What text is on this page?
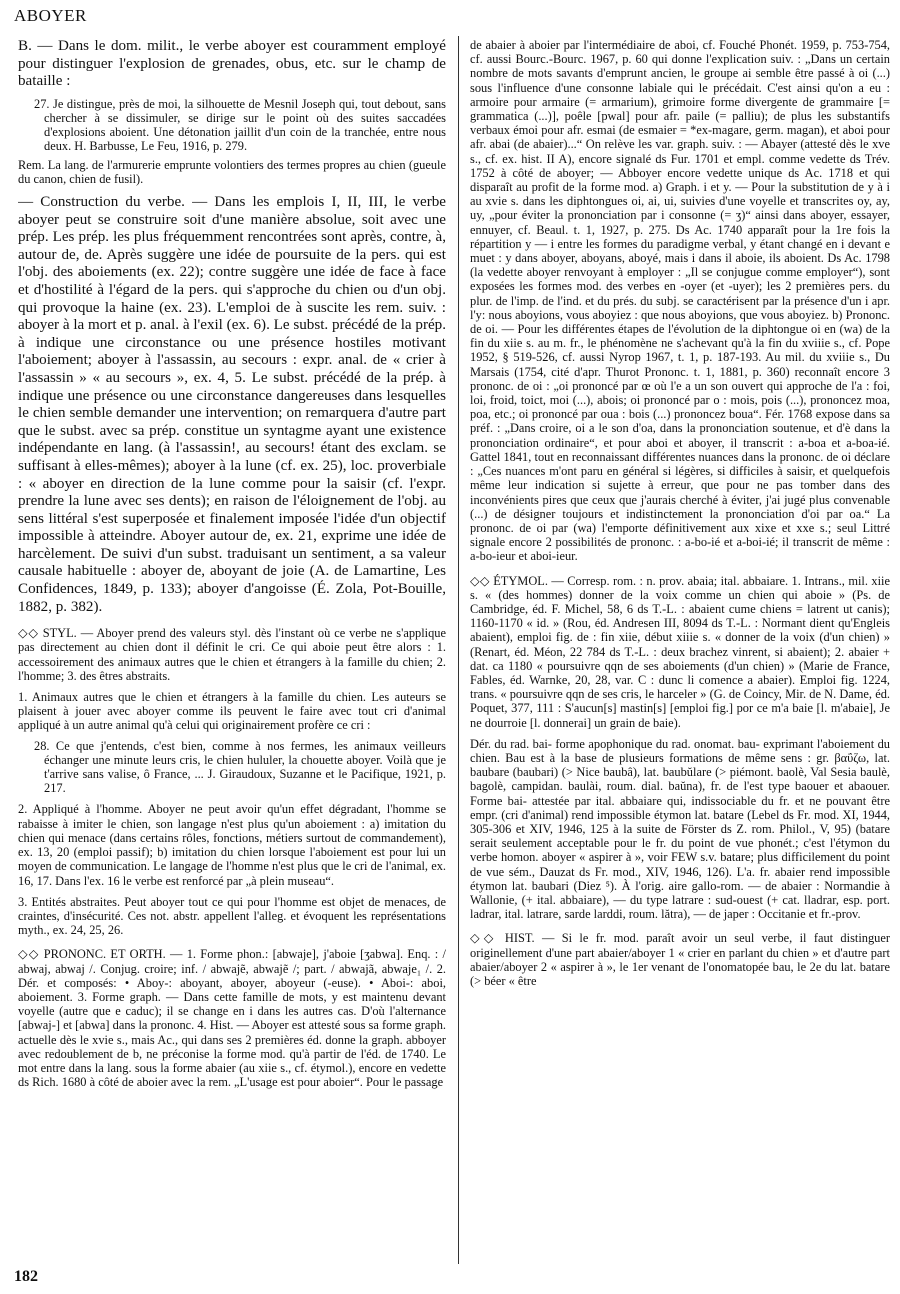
ABOYER

B. — Dans le dom. milit., le verbe aboyer est couramment employé pour distinguer l'explosion de grenades, obus, etc. sur le champ de bataille :

27. Je distingue, près de moi, la silhouette de Mesnil Joseph qui, tout debout, sans chercher à se dissimuler, se dirige sur le point où des suites saccadées d'explosions aboient. Une détonation jaillit d'un coin de la tranchée, entre nous deux. H. Barbusse, Le Feu, 1916, p. 279.

Rem. La lang. de l'armurerie emprunte volontiers des termes propres au chien (gueule du canon, chien de fusil).

— Construction du verbe. — Dans les emplois I, II, III, le verbe aboyer peut se construire soit d'une manière absolue, soit avec une prép. Les prép. les plus fréquemment rencontrées sont après, contre, à, autour de, de. Après suggère une idée de poursuite de la pers. qui est l'obj. des aboiements (ex. 22); contre suggère une idée de face à face et d'hostilité à l'égard de la pers. qui s'approche du chien ou d'un obj. qui provoque la haine (ex. 23). L'emploi de à suscite les rem. suiv. : aboyer à la mort et p. anal. à l'exil (ex. 6). Le subst. précédé de la prép. à indique une circonstance ou une présence hostiles motivant l'aboiement; aboyer à l'assassin, au secours : expr. anal. de « crier à l'assassin » « au secours », ex. 4, 5. Le subst. précédé de la prép. à indique une présence ou une circonstance dangereuses dans lesquelles le chien semble demander une intervention; on remarquera d'autre part que le subst. avec sa prép. constitue un syntagme ayant une existence indépendante en lang. (à l'assassin!, au secours! étant des exclam. se suffisant à elles-mêmes); aboyer à la lune (cf. ex. 25), loc. proverbiale : « aboyer en direction de la lune comme pour la saisir (cf. l'expr. prendre la lune avec ses dents); en raison de l'éloignement de l'obj. au sens littéral s'est superposée et finalement imposée l'idée d'un objectif impossible à atteindre. Aboyer autour de, ex. 21, exprime une idée de harcèlement. De suivi d'un subst. traduisant un sentiment, a sa valeur causale habituelle : aboyer de, aboyant de joie (A. de Lamartine, Les Confidences, 1849, p. 133); aboyer d'angoisse (É. Zola, Pot-Bouille, 1882, p. 382).

◇◇ STYL. — Aboyer prend des valeurs styl. dès l'instant où ce verbe ne s'applique pas directement au chien dont il définit le cri. Ce qui aboie peut être alors : 1. accessoirement des animaux autres que le chien et étrangers à la famille du chien; 2. l'homme; 3. des êtres abstraits.

1. Animaux autres que le chien et étrangers à la famille du chien. Les auteurs se plaisent à jouer avec aboyer comme ils peuvent le faire avec tout cri d'animal appliqué à un autre animal qu'à celui qui originairement profère ce cri :

28. Ce que j'entends, c'est bien, comme à nos fermes, les animaux veilleurs échanger une minute leurs cris, le chien hululer, la chouette aboyer. Voilà que je t'arrive sans valise, ô France, ... J. Giraudoux, Suzanne et le Pacifique, 1921, p. 217.

2. Appliqué à l'homme. Aboyer ne peut avoir qu'un effet dégradant, l'homme se rabaisse à imiter le chien, son langage n'est plus qu'un aboiement : a) imitation du chien qui menace (dans certains rôles, fonctions, métiers surtout de commandement), ex. 13, 20 (emploi passif); b) imitation du chien lorsque l'aboiement est pour lui un moyen de communication. Le langage de l'homme n'est plus que le cri de l'animal, ex. 16, 17. Dans l'ex. 16 le verbe est renforcé par „à plein museau“.

3. Entités abstraites. Peut aboyer tout ce qui pour l'homme est objet de menaces, de craintes, d'insécurité. Ces not. abstr. appellent l'alleg. et évoquent les représentations myth., ex. 24, 25, 26.

◇◇ PRONONC. ET ORTH. — 1. Forme phon.: [abwaje], j'aboie [ʒabwa]. Enq. : / abwaj, abwaj /. Conjug. croire; inf. / abwajẽ, abwajẽ /; part. / abwajã, abwaje₁ /. 2. Dér. et composés: • Aboy-: aboyant, aboyer, aboyeur (-euse). • Aboi-: aboi, aboiement. 3. Forme graph. — Dans cette famille de mots, y est maintenu devant voyelle (autre que e caduc); il se change en i dans les autres cas. D'où l'alternance [abwaj-] et [abwa] dans la prononc. 4. Hist. — Aboyer est attesté sous sa forme graph. actuelle dès le xvie s., mais Ac., qui dans ses 2 premières éd. donne la graph. abboyer avec redoublement de b, ne préconise la forme mod. qu'à partir de l'éd. de 1740. Le mot entre dans la lang. sous la forme abaier (au xiie s., cf. étymol.), encore en vedette ds Rich. 1680 à côté de aboier avec la rem. „L'usage est pour aboier“. Pour le passage

de abaier à aboier par l'intermédiaire de aboi, cf. Fouché Phonét. 1959, p. 753-754, cf. aussi Bourc.-Bourc. 1967, p. 60 qui donne l'explication suiv. : „Dans un certain nombre de mots savants d'emprunt ancien, le groupe ai semble être passé à oi (...) sous l'influence d'une consonne labiale qui le précédait. C'est ainsi qu'on a eu : armoire pour armaire (= armarium), grimoire forme divergente de grammaire [= grammatica (...)], poêle [pwal] pour afr. paile (= palliu); de plus les substantifs verbaux émoi pour afr. esmai (de esmaier = *ex-magare, germ. magan), et aboi pour afr. abai (de abaier)...“ On relève les var. graph. suiv. : — Abayer (attesté dès le xve s., cf. ex. hist. II A), encore signalé ds Fur. 1701 et empl. comme vedette ds Trév. 1752 à côté de aboyer; — Abboyer encore vedette unique ds Ac. 1718 et qui disparaît au profit de la forme mod. a) Graph. i et y. — Pour la substitution de y à i au xvie s. dans les diphtongues oi, ai, ui, suivies d'une voyelle et transcrites oy, ay, uy, „pour éviter la prononciation par i consonne (= ʒ)“ ainsi dans aboyer, essayer, ennuyer, cf. Beaul. t. 1, 1927, p. 275. Ds Ac. 1740 apparaît pour la 1re fois la répartition y — i entre les formes du paradigme verbal, y étant changé en i devant e muet : y dans aboyer, aboyans, aboyé, mais i dans il aboie, ils aboient. Ds Ac. 1798 (la vedette aboyer renvoyant à employer : „Il se conjugue comme employer“), sont exposées les formes mod. des verbes en -oyer (et -uyer); les 2 premières pers. du plur. de l'imp. de l'ind. et du prés. du subj. se caractérisent par la présence d'un i apr. l'y: nous aboyions, vous aboyiez : que nous aboyions, que vous aboyiez. b) Prononc. de oi. — Pour les différentes étapes de l'évolution de la diphtongue oi en (wa) de la fin du xiie s. au m. fr., le phénomène ne s'achevant qu'à la fin du xviiie s., cf. Pope 1952, § 519-526, cf. aussi Nyrop 1967, t. 1, p. 187-193. Au mil. du xviiie s., Du Marsais (1754, cité d'apr. Thurot Prononc. t. 1, 1881, p. 360) reconnaît encore 3 prononc. de oi : „oi prononcé par œ où l'e a un son ouvert qui approche de l'a : foi, loi, froid, toict, moi (...), abois; oi prononcé par o : mois, pois (...), prononcez moa, poa, etc.; oi prononcé par oua : bois (...) prononcez boua“. Fér. 1768 expose dans sa préf. : „Dans croire, oi a le son d'oa, dans la prononciation soutenue, et d'è dans la prononciation ordinaire“, et pour aboi et aboyer, il transcrit : a-boa et a-boa-ié. Gattel 1841, tout en reconnaissant différentes nuances dans la prononc. de oi déclare : „Ces nuances m'ont paru en général si légères, si difficiles à saisir, et quelquefois même leur indication si sujette à erreur, que pour ne pas tomber dans des inconvénients pires que ceux que j'aurais cherché à éviter, j'ai jugé plus convenable (...) de désigner toujours et indistinctement la prononciation d'oi par oa.“ La prononc. de oi par (wa) l'emporte définitivement aux xixe et xxe s.; seul Littré signale encore 2 possibilités de prononc. : a-bo-ié et a-boi-ié; il transcrit de même : a-bo-ieur et aboi-ieur.

◇◇ ÉTYMOL. — Corresp. rom. : n. prov. abaia; ital. abbaiare. 1. Intrans., mil. xiie s. « (des hommes) donner de la voix comme un chien qui aboie » (Ps. de Cambridge, éd. F. Michel, 58, 6 ds T.-L. : abaient cume chiens = latrent ut canis); 1160-1170 « id. » (Rou, éd. Andresen III, 8094 ds T.-L. : Normant dient qu'Engleis abaient), emploi fig. de : fin xiie, début xiiie s. « donner de la voix (d'un chien) » (Renart, éd. Méon, 22 784 ds T.-L. : deux brachez vinrent, si abaient); 2. abaier + dat. ca 1180 « poursuivre qqn de ses aboiements (d'un chien) » (Marie de France, Fables, éd. Warnke, 20, 28, var. C : dunc li comence a abaier). Emploi fig. 1224, trans. « poursuivre qqn de ses cris, le harceler » (G. de Coincy, Mir. de N. Dame, éd. Poquet, 377, 111 : S'aucun[s] mastin[s] [emploi fig.] por ce m'a baie [l. m'abaie], Je ne dourroie [l. donnerai] un grain de baie).

Dér. du rad. bai- forme apophonique du rad. onomat. bau- exprimant l'aboiement du chien. Bau est à la base de plusieurs formations de même sens : gr. βαΰζω, lat. baubare (baubari) (> Nice baubâ), lat. baubŭlare (> piémont. baolè, Val Sesia baulè, bagolè, campidan. baulài, roum. dial. baŭna), fr. de l'est type baouer et abaouer. Forme bai- attestée par ital. abbaiare qui, indissociable du fr. et ne pouvant être empr. (cri d'animal) rend impossible étymon lat. batare (Lebel ds Fr. mod. XI, 1944, 305-306 et XIV, 1946, 125 à la suite de Förster ds Z. rom. Philol., V, 95) (batare serait seulement acceptable pour le fr. du point de vue phonét.; c'est l'étymon du verbe homon. aboyer « aspirer à », voir FEW s.v. batare; plus difficilement du point de vue sém., Dauzat ds Fr. mod., XIV, 1946, 126). L'a. fr. abaier rend impossible étymon lat. baubari (Diez ⁵). À l'orig. aire gallo-rom. — de abaier : Normandie à Wallonie, (+ ital. abbaiare), — du type latrare : sud-ouest (+ cat. lladrar, esp. port. ladrar, ital. latrare, sarde larddi, roum. lătra), — de japer : Occitanie et fr.-prov.

◇◇ HIST. — Si le fr. mod. paraît avoir un seul verbe, il faut distinguer originellement d'une part abaier/aboyer 1 « crier en parlant du chien » et d'autre part abaier/aboyer 2 « aspirer à », le 1er venant de l'onomatopée bau, le 2e du lat. batare (> béer « être

182
